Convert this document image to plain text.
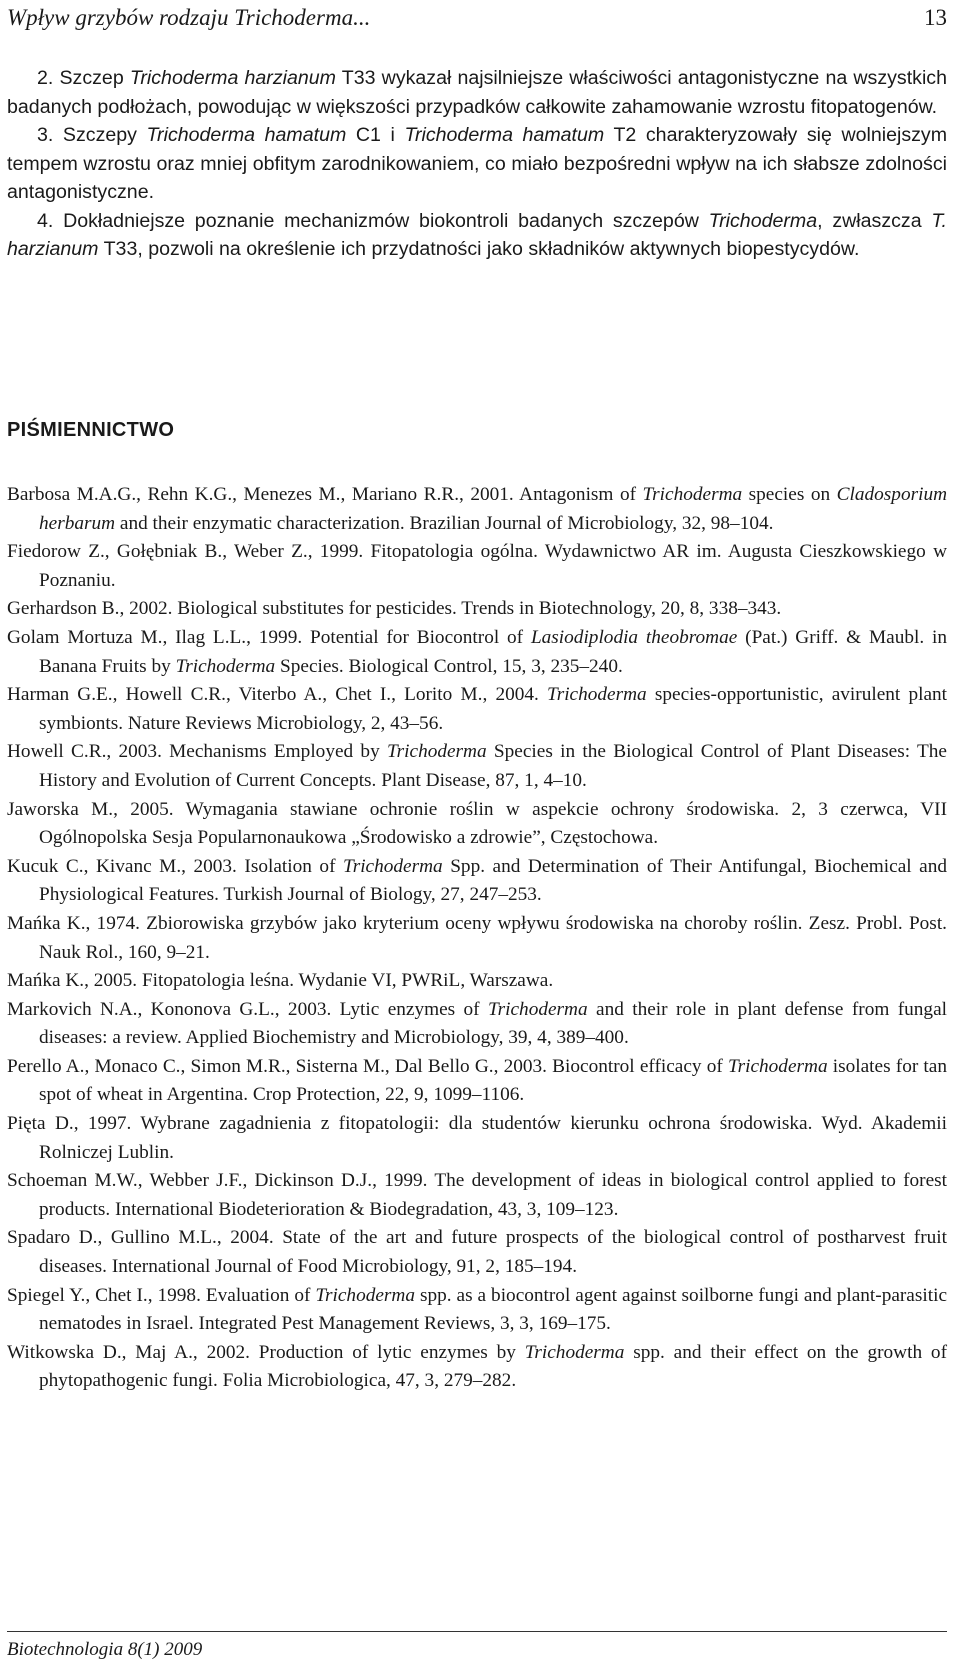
Wpływ grzybów rodzaju Trichoderma...	13

2. Szczep Trichoderma harzianum T33 wykazał najsilniejsze właściwości antagonistyczne na wszystkich badanych podłożach, powodując w większości przypadków całkowite zahamowanie wzrostu fitopatogenów.

3. Szczepy Trichoderma hamatum C1 i Trichoderma hamatum T2 charakteryzowały się wolniejszym tempem wzrostu oraz mniej obfitym zarodnikowaniem, co miało bezpośredni wpływ na ich słabsze zdolności antagonistyczne.

4. Dokładniejsze poznanie mechanizmów biokontroli badanych szczepów Trichoderma, zwłaszcza T. harzianum T33, pozwoli na określenie ich przydatności jako składników aktywnych biopestycydów.

PIŚMIENNICTWO

Barbosa M.A.G., Rehn K.G., Menezes M., Mariano R.R., 2001. Antagonism of Trichoderma species on Cladosporium herbarum and their enzymatic characterization. Brazilian Journal of Microbiology, 32, 98–104.

Fiedorow Z., Gołębniak B., Weber Z., 1999. Fitopatologia ogólna. Wydawnictwo AR im. Augusta Cieszkowskiego w Poznaniu.

Gerhardson B., 2002. Biological substitutes for pesticides. Trends in Biotechnology, 20, 8, 338–343.

Golam Mortuza M., Ilag L.L., 1999. Potential for Biocontrol of Lasiodiplodia theobromae (Pat.) Griff. & Maubl. in Banana Fruits by Trichoderma Species. Biological Control, 15, 3, 235–240.

Harman G.E., Howell C.R., Viterbo A., Chet I., Lorito M., 2004. Trichoderma species-opportunistic, avirulent plant symbionts. Nature Reviews Microbiology, 2, 43–56.

Howell C.R., 2003. Mechanisms Employed by Trichoderma Species in the Biological Control of Plant Diseases: The History and Evolution of Current Concepts. Plant Disease, 87, 1, 4–10.

Jaworska M., 2005. Wymagania stawiane ochronie roślin w aspekcie ochrony środowiska. 2, 3 czerwca, VII Ogólnopolska Sesja Popularnonaukowa „Środowisko a zdrowie”, Częstochowa.

Kucuk C., Kivanc M., 2003. Isolation of Trichoderma Spp. and Determination of Their Antifungal, Biochemical and Physiological Features. Turkish Journal of Biology, 27, 247–253.

Mańka K., 1974. Zbiorowiska grzybów jako kryterium oceny wpływu środowiska na choroby roślin. Zesz. Probl. Post. Nauk Rol., 160, 9–21.

Mańka K., 2005. Fitopatologia leśna. Wydanie VI, PWRiL, Warszawa.

Markovich N.A., Kononova G.L., 2003. Lytic enzymes of Trichoderma and their role in plant defense from fungal diseases: a review. Applied Biochemistry and Microbiology, 39, 4, 389–400.

Perello A., Monaco C., Simon M.R., Sisterna M., Dal Bello G., 2003. Biocontrol efficacy of Trichoderma isolates for tan spot of wheat in Argentina. Crop Protection, 22, 9, 1099–1106.

Pięta D., 1997. Wybrane zagadnienia z fitopatologii: dla studentów kierunku ochrona środowiska. Wyd. Akademii Rolniczej Lublin.

Schoeman M.W., Webber J.F., Dickinson D.J., 1999. The development of ideas in biological control applied to forest products. International Biodeterioration & Biodegradation, 43, 3, 109–123.

Spadaro D., Gullino M.L., 2004. State of the art and future prospects of the biological control of postharvest fruit diseases. International Journal of Food Microbiology, 91, 2, 185–194.

Spiegel Y., Chet I., 1998. Evaluation of Trichoderma spp. as a biocontrol agent against soilborne fungi and plant-parasitic nematodes in Israel. Integrated Pest Management Reviews, 3, 3, 169–175.

Witkowska D., Maj A., 2002. Production of lytic enzymes by Trichoderma spp. and their effect on the growth of phytopathogenic fungi. Folia Microbiologica, 47, 3, 279–282.

Biotechnologia 8(1) 2009
